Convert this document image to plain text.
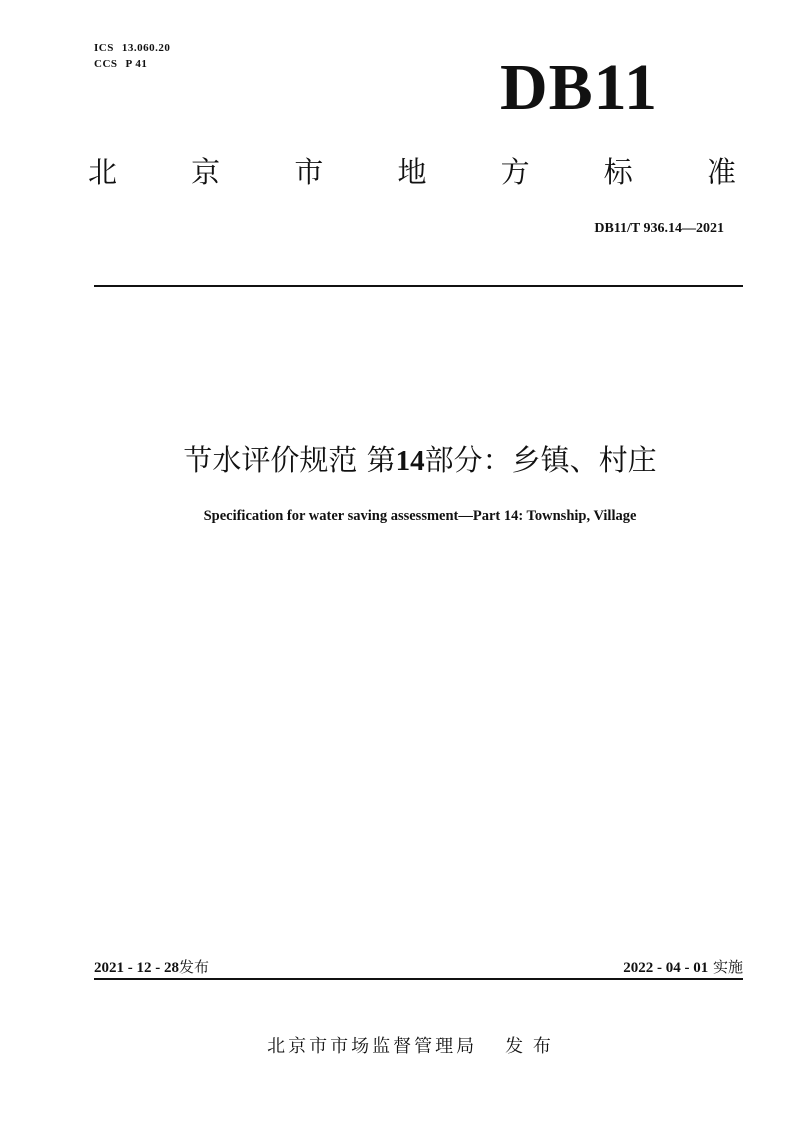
ICS 13.060.20
CCS P 41	DB11
北	京	市	地	方	标	准
DB11/T 936.14—2021
节水评价规范 第14部分：乡镇、村庄
Specification for water saving assessment—Part 14: Township, Village
2021 - 12 - 28发布	2022 - 04 - 01 实施
北京市市场监督管理局 发 布
